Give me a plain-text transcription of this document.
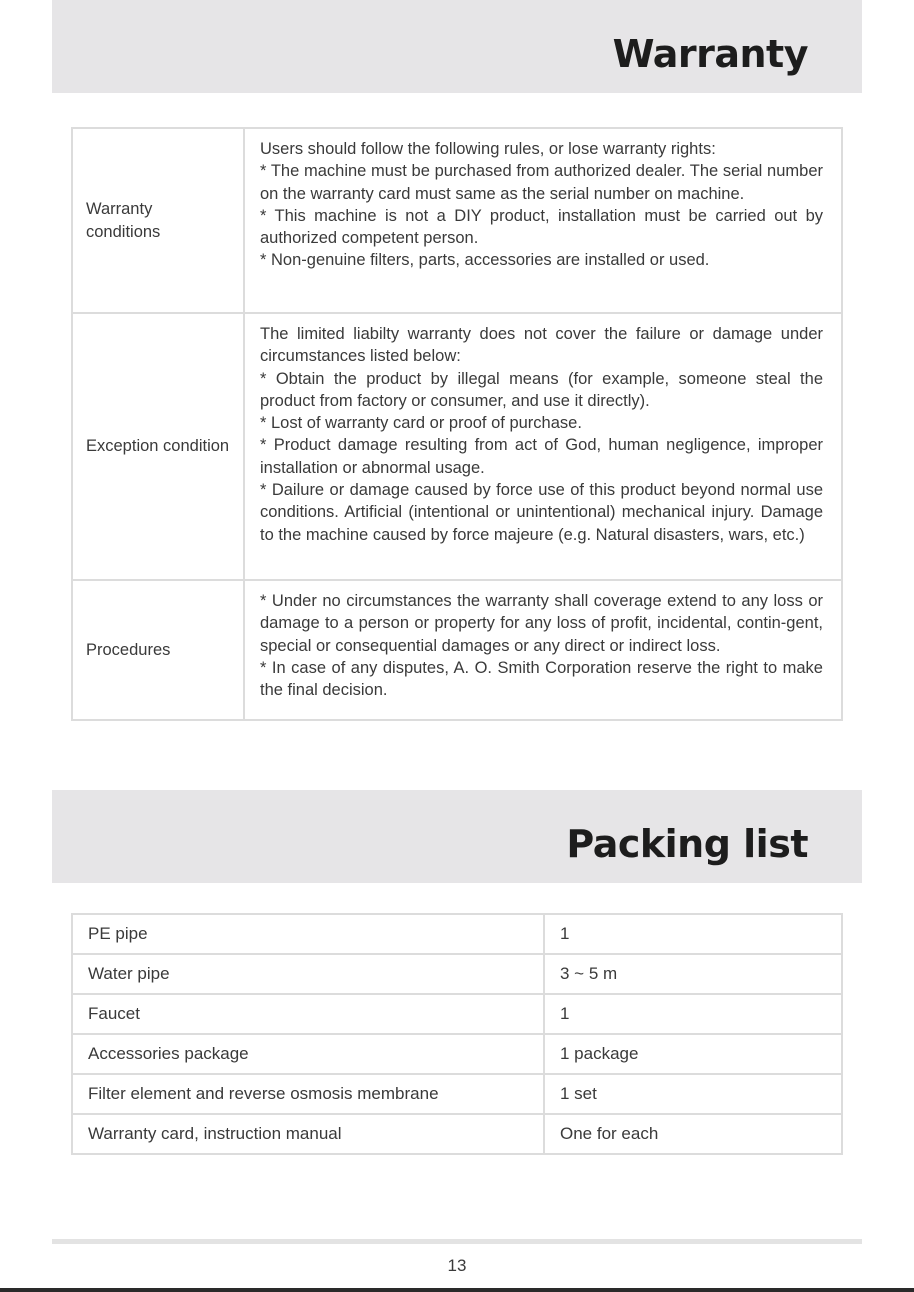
Warranty
Warranty conditions	Users should follow the following rules, or lose warranty rights:

* The machine must be purchased from authorized dealer. The serial number on the warranty card must same as the serial number on machine.

* This machine is not a DIY product, installation must be carried out by authorized competent person.

* Non-genuine filters, parts, accessories are installed or used.

Exception condition	The limited liabilty warranty does not cover the failure or damage under circumstances listed below:

* Obtain the product by illegal means (for example, someone steal the product from factory or consumer, and use it directly).

* Lost of warranty card or proof of purchase.

* Product damage resulting from act of God, human negligence, improper installation or abnormal usage.

* Dailure or damage caused by force use of this product beyond normal use conditions. Artificial (intentional or unintentional) mechanical injury. Damage to the machine caused by force majeure (e.g. Natural disasters, wars, etc.)

Procedures	* Under no circumstances the warranty shall coverage extend to any loss or damage to a person or property for any loss of profit, incidental, contin-gent, special or consequential damages or any direct or indirect loss.

* In case of any disputes, A. O. Smith Corporation reserve the right to make the final decision.

Packing list
PE pipe	1
Water pipe	3 ~ 5 m
Faucet	1
Accessories package	1 package
Filter element and reverse osmosis membrane	1 set
Warranty card, instruction manual	One for each
13
